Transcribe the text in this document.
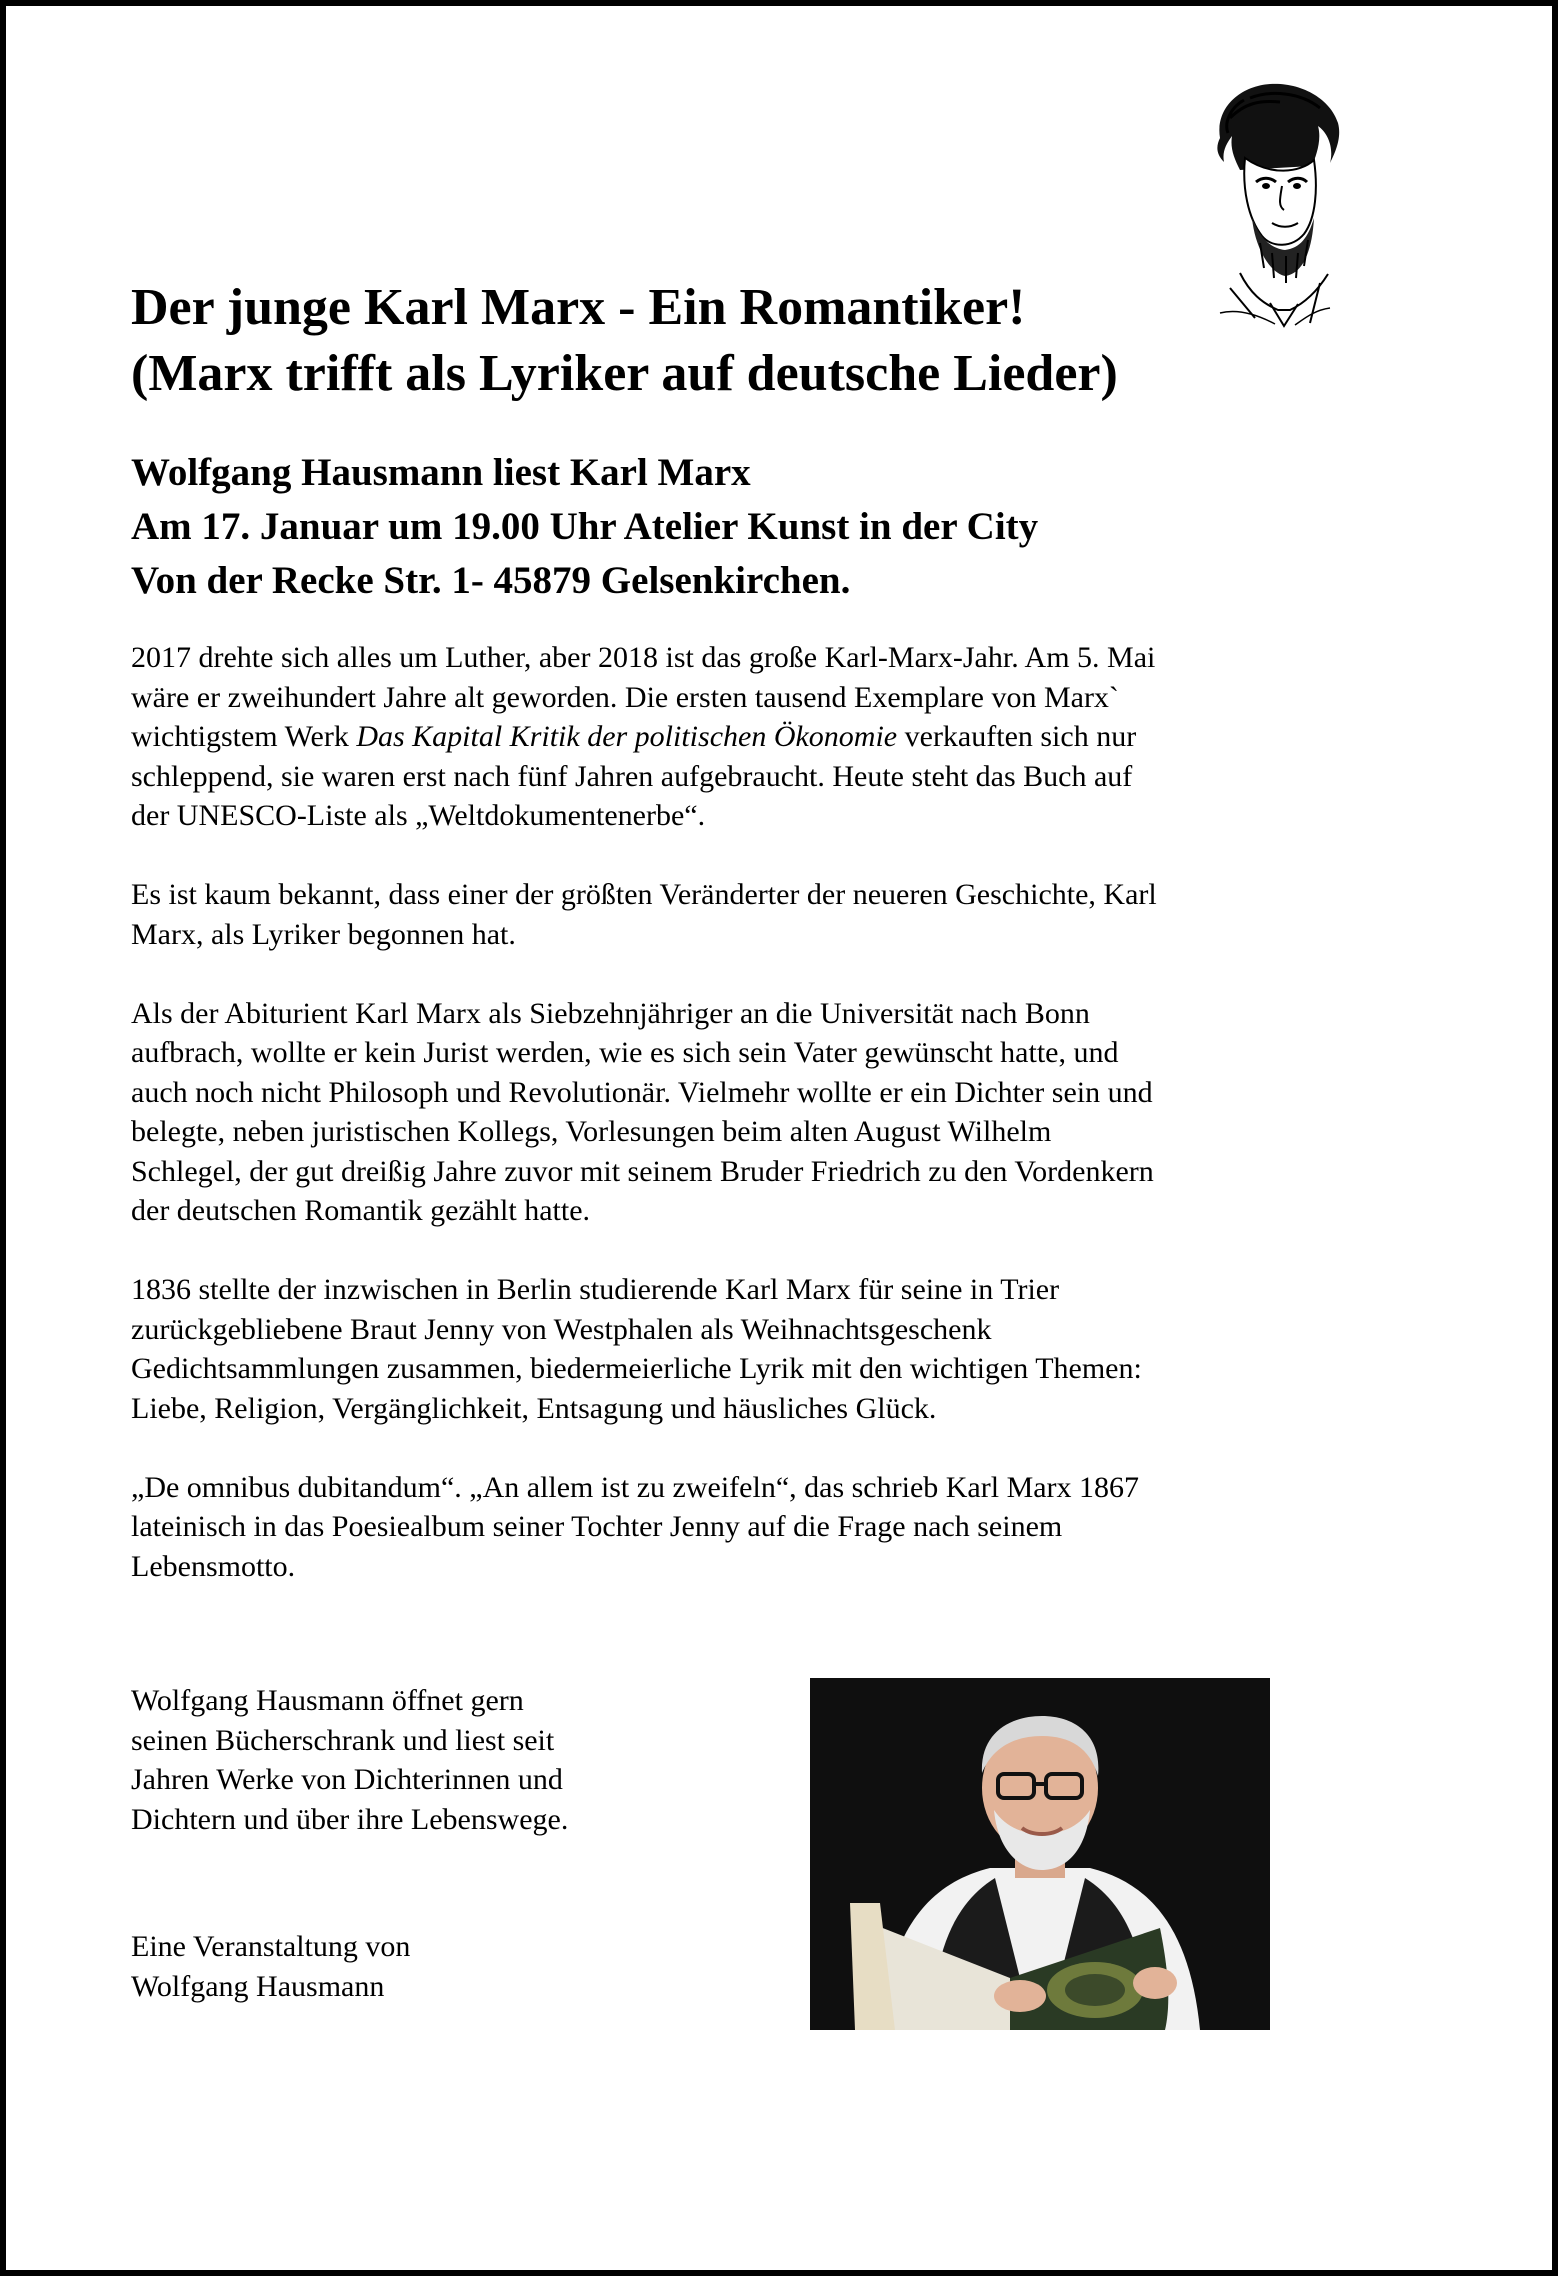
Der junge Karl Marx - Ein Romantiker!
(Marx trifft als Lyriker auf deutsche Lieder)
Wolfgang Hausmann liest Karl Marx
Am 17. Januar um 19.00 Uhr Atelier Kunst in der City
Von der Recke Str. 1- 45879 Gelsenkirchen.

2017 drehte sich alles um Luther, aber 2018 ist das große Karl-Marx-Jahr. Am 5. Mai
wäre er zweihundert Jahre alt geworden. Die ersten tausend Exemplare von Marx`
wichtigstem Werk Das Kapital Kritik der politischen Ökonomie verkauften sich nur
schleppend, sie waren erst nach fünf Jahren aufgebraucht. Heute steht das Buch auf
der UNESCO-Liste als „Weltdokumentenerbe“.

Es ist kaum bekannt, dass einer der größten Veränderter der neueren Geschichte, Karl
Marx, als Lyriker begonnen hat.

Als der Abiturient Karl Marx als Siebzehnjähriger an die Universität nach Bonn
aufbrach, wollte er kein Jurist werden, wie es sich sein Vater gewünscht hatte, und
auch noch nicht Philosoph und Revolutionär. Vielmehr wollte er ein Dichter sein und
belegte, neben juristischen Kollegs, Vorlesungen beim alten August Wilhelm
Schlegel, der gut dreißig Jahre zuvor mit seinem Bruder Friedrich zu den Vordenkern
der deutschen Romantik gezählt hatte.

1836 stellte der inzwischen in Berlin studierende Karl Marx für seine in Trier
zurückgebliebene Braut Jenny von Westphalen als Weihnachtsgeschenk
Gedichtsammlungen zusammen, biedermeierliche Lyrik mit den wichtigen Themen:
Liebe, Religion, Vergänglichkeit, Entsagung und häusliches Glück.

„De omnibus dubitandum“. „An allem ist zu zweifeln“, das schrieb Karl Marx 1867
lateinisch in das Poesiealbum seiner Tochter Jenny auf die Frage nach seinem
Lebensmotto.

Wolfgang Hausmann öffnet gern
seinen Bücherschrank und liest seit
Jahren Werke von Dichterinnen und
Dichtern und über ihre Lebenswege.
Eine Veranstaltung von
Wolfgang Hausmann
